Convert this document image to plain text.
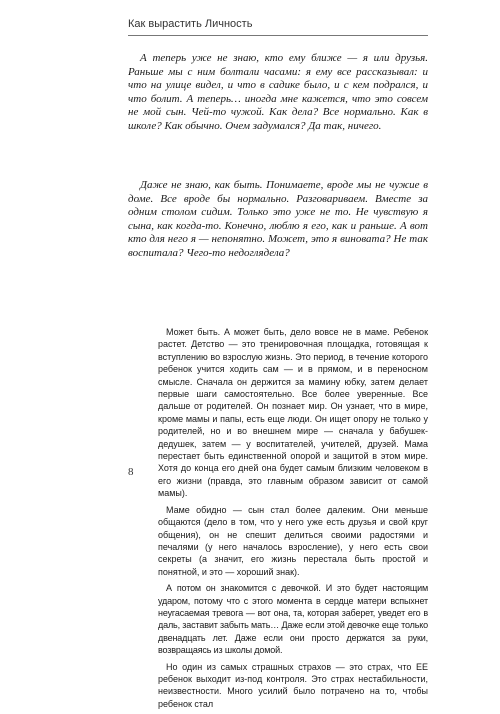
Как вырастить Личность

А теперь уже не знаю, кто ему ближе — я или друзья. Раньше мы с ним болтали часами: я ему все рассказывал: и что на улице видел, и что в садике было, и с кем подрался, и что болит. А теперь… иногда мне кажется, что это совсем не мой сын. Чей-то чужой. Как дела? Все нормально. Как в школе? Как обычно. Очем задумался? Да так, ничего.

Даже не знаю, как быть. Понимаете, вроде мы не чужие в доме. Все вроде бы нормально. Разговариваем. Вместе за одним столом сидим. Только это уже не то. Не чувствую я сына, как когда-то. Конечно, люблю я его, как и раньше. А вот кто для него я — непонятно. Может, это я виновата? Не так воспитала? Чего-то недоглядела?

Может быть. А может быть, дело вовсе не в маме. Ребенок растет. Детство — это тренировочная площадка, готовящая к вступлению во взрослую жизнь. Это период, в течение которого ребенок учится ходить сам — и в прямом, и в переносном смысле. Сначала он держится за мамину юбку, затем делает первые шаги самостоятельно. Все более уверенные. Все дальше от родителей. Он познает мир. Он узнает, что в мире, кроме мамы и папы, есть еще люди. Он ищет опору не только у родителей, но и во внешнем мире — сначала у бабушек-дедушек, затем — у воспитателей, учителей, друзей. Мама перестает быть единственной опорой и защитой в этом мире. Хотя до конца его дней она будет самым близким человеком в его жизни (правда, это главным образом зависит от самой мамы).

Маме обидно — сын стал более далеким. Они меньше общаются (дело в том, что у него уже есть друзья и свой круг общения), он не спешит делиться своими радостями и печалями (у него началось взросление), у него есть свои секреты (а значит, его жизнь перестала быть простой и понятной, и это — хороший знак).

А потом он знакомится с девочкой. И это будет настоящим ударом, потому что с этого момента в сердце матери вспыхнет неугасаемая тревога — вот она, та, которая заберет, уведет его в даль, заставит забыть мать… Даже если этой девочке еще только двенадцать лет. Даже если они просто держатся за руки, возвращаясь из школы домой.

Но один из самых страшных страхов — это страх, что ЕЕ ребенок выходит из-под контроля. Это страх нестабильности, неизвестности. Много усилий было потрачено на то, чтобы ребенок стал

8
